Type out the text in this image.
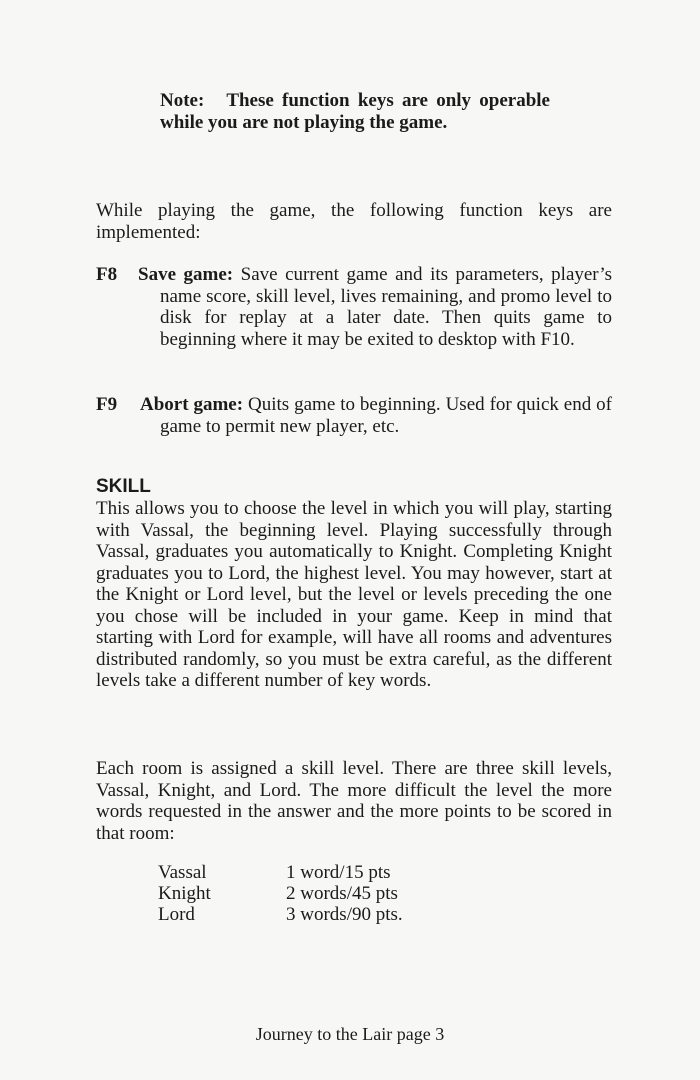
Note: These function keys are only operable while you are not playing the game.
While playing the game, the following function keys are implemented:
F8	Save game: Save current game and its parameters, player’s name score, skill level, lives remaining, and promo level to disk for replay at a later date. Then quits game to beginning where it may be exited to desktop with F10.
F9	Abort game: Quits game to beginning. Used for quick end of game to permit new player, etc.
SKILL
This allows you to choose the level in which you will play, starting with Vassal, the beginning level. Playing successfully through Vassal, graduates you automatically to Knight. Completing Knight graduates you to Lord, the highest level. You may however, start at the Knight or Lord level, but the level or levels preceding the one you chose will be included in your game. Keep in mind that starting with Lord for example, will have all rooms and adventures distributed randomly, so you must be extra careful, as the different levels take a different number of key words.
Each room is assigned a skill level. There are three skill levels, Vassal, Knight, and Lord. The more difficult the level the more words requested in the answer and the more points to be scored in that room:
Vassal	1 word/15 pts
Knight	2 words/45 pts
Lord	3 words/90 pts.
Journey to the Lair page 3
